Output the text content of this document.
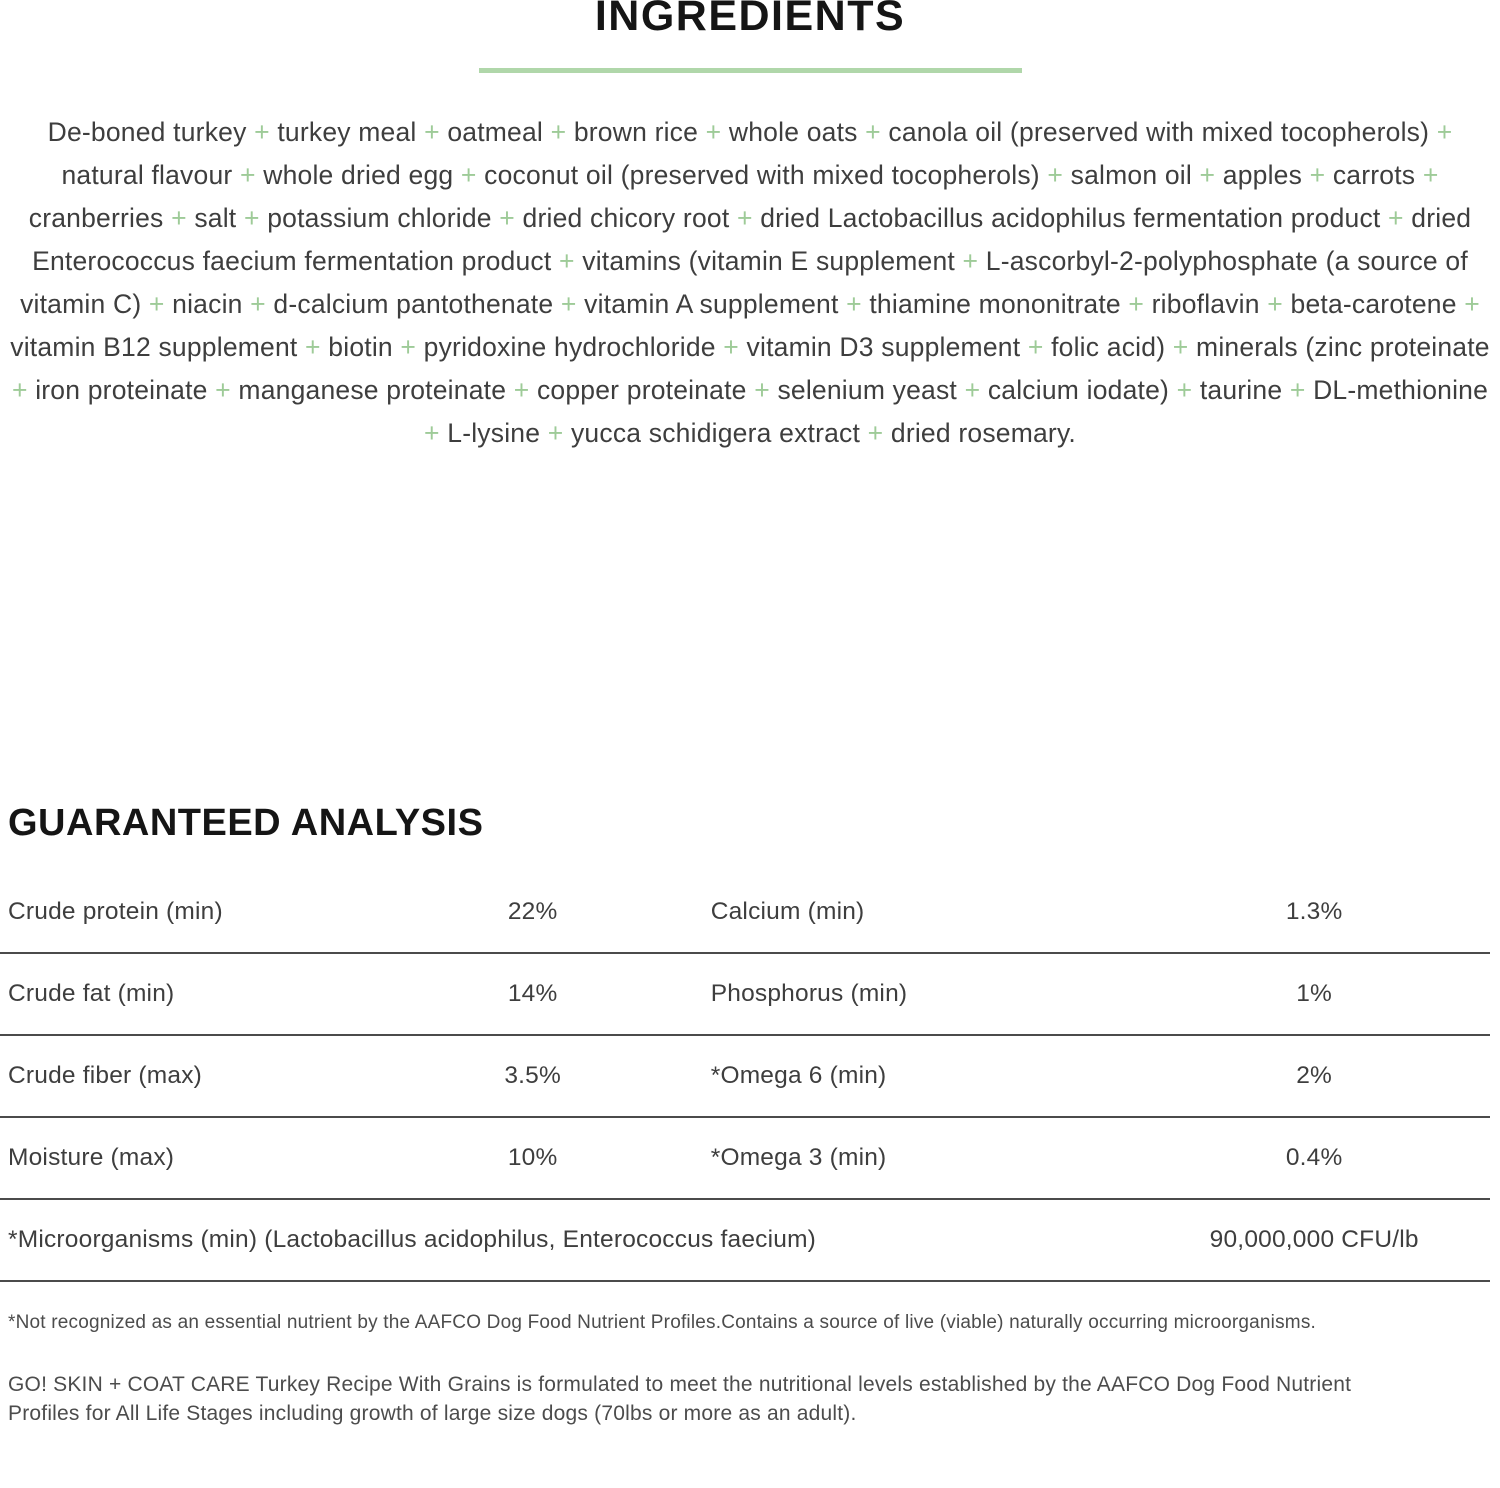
INGREDIENTS

De-boned turkey + turkey meal + oatmeal + brown rice + whole oats + canola oil (preserved with mixed tocopherols) + natural flavour + whole dried egg + coconut oil (preserved with mixed tocopherols) + salmon oil + apples + carrots + cranberries + salt + potassium chloride + dried chicory root + dried Lactobacillus acidophilus fermentation product + dried Enterococcus faecium fermentation product + vitamins (vitamin E supplement + L-ascorbyl-2-polyphosphate (a source of vitamin C) + niacin + d-calcium pantothenate + vitamin A supplement + thiamine mononitrate + riboflavin + beta-carotene + vitamin B12 supplement + biotin + pyridoxine hydrochloride + vitamin D3 supplement + folic acid) + minerals (zinc proteinate + iron proteinate + manganese proteinate + copper proteinate + selenium yeast + calcium iodate) + taurine + DL-methionine + L-lysine + yucca schidigera extract + dried rosemary.

GUARANTEED ANALYSIS
Crude protein (min)	22%	Calcium (min)	1.3%
Crude fat (min)	14%	Phosphorus (min)	1%
Crude fiber (max)	3.5%	*Omega 6 (min)	2%
Moisture (max)	10%	*Omega 3 (min)	0.4%
*Microorganisms (min) (Lactobacillus acidophilus, Enterococcus faecium)	90,000,000 CFU/lb

*Not recognized as an essential nutrient by the AAFCO Dog Food Nutrient Profiles.Contains a source of live (viable) naturally occurring microorganisms.

GO! SKIN + COAT CARE Turkey Recipe With Grains is formulated to meet the nutritional levels established by the AAFCO Dog Food Nutrient Profiles for All Life Stages including growth of large size dogs (70lbs or more as an adult).
